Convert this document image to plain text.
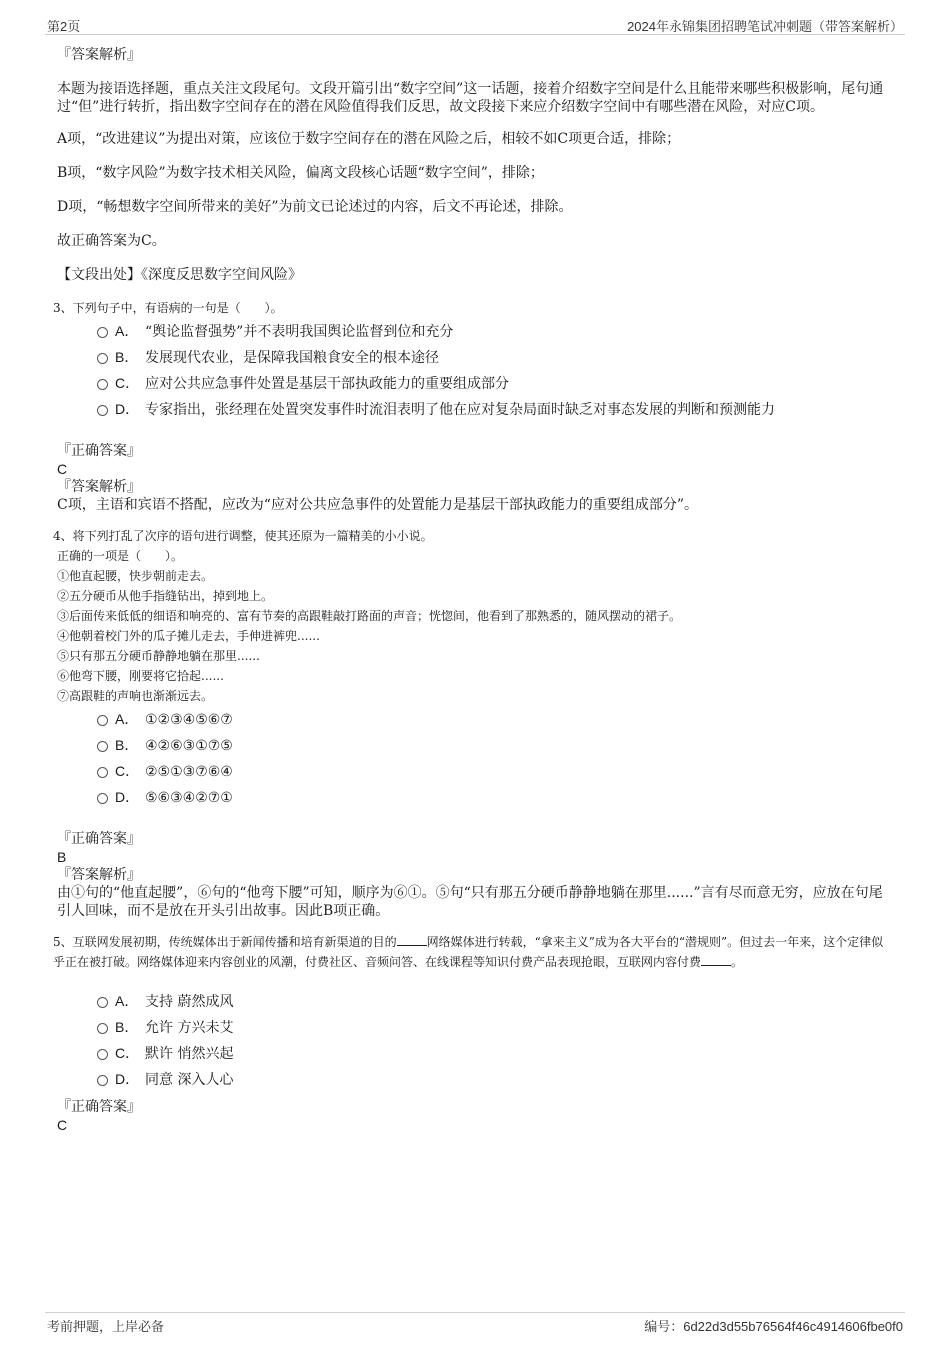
第2页	2024年永锦集团招聘笔试冲刺题（带答案解析）

『答案解析』

本题为接语选择题，重点关注文段尾句。文段开篇引出“数字空间”这一话题，接着介绍数字空间是什么且能带来哪些积极影响，尾句通过“但”进行转折，指出数字空间存在的潜在风险值得我们反思，故文段接下来应介绍数字空间中有哪些潜在风险，对应C项。

A项，“改进建议”为提出对策，应该位于数字空间存在的潜在风险之后，相较不如C项更合适，排除；

B项，“数字风险”为数字技术相关风险，偏离文段核心话题“数字空间”，排除；

D项，“畅想数字空间所带来的美好”为前文已论述过的内容，后文不再论述，排除。

故正确答案为C。

【文段出处】《深度反思数字空间风险》

3、下列句子中，有语病的一句是（　　）。

A． “舆论监督强势”并不表明我国舆论监督到位和充分
B． 发展现代农业，是保障我国粮食安全的根本途径
C． 应对公共应急事件处置是基层干部执政能力的重要组成部分
D． 专家指出，张经理在处置突发事件时流泪表明了他在应对复杂局面时缺乏对事态发展的判断和预测能力

『正确答案』

C

『答案解析』

C项，主语和宾语不搭配，应改为“应对公共应急事件的处置能力是基层干部执政能力的重要组成部分”。

4、将下列打乱了次序的语句进行调整，使其还原为一篇精美的小小说。

正确的一项是（　　）。

①他直起腰，快步朝前走去。

②五分硬币从他手指缝钻出，掉到地上。

③后面传来低低的细语和响亮的、富有节奏的高跟鞋敲打路面的声音；恍惚间，他看到了那熟悉的，随风摆动的裙子。

④他朝着校门外的瓜子摊儿走去，手伸进裤兜......

⑤只有那五分硬币静静地躺在那里......

⑥他弯下腰，刚要将它拾起......

⑦高跟鞋的声响也渐渐远去。

A． ①②③④⑤⑥⑦
B． ④②⑥③①⑦⑤
C． ②⑤①③⑦⑥④
D． ⑤⑥③④②⑦①

『正确答案』

B

『答案解析』

由①句的“他直起腰”，⑥句的“他弯下腰”可知，顺序为⑥①。⑤句“只有那五分硬币静静地躺在那里......”言有尽而意无穷，应放在句尾引人回味，而不是放在开头引出故事。因此B项正确。

5、互联网发展初期，传统媒体出于新闻传播和培育新渠道的目的	网络媒体进行转载，“拿来主义”成为各大平台的“潜规则”。但过去一年来，这个定律似乎正在被打破。网络媒体迎来内容创业的风潮，付费社区、音频问答、在线课程等知识付费产品表现抢眼，互联网内容付费	。

A． 支持 蔚然成风
B． 允许 方兴未艾
C． 默许 悄然兴起
D． 同意 深入人心

『正确答案』

C

考前押题，上岸必备	编号：6d22d3d55b76564f46c4914606fbe0f0
